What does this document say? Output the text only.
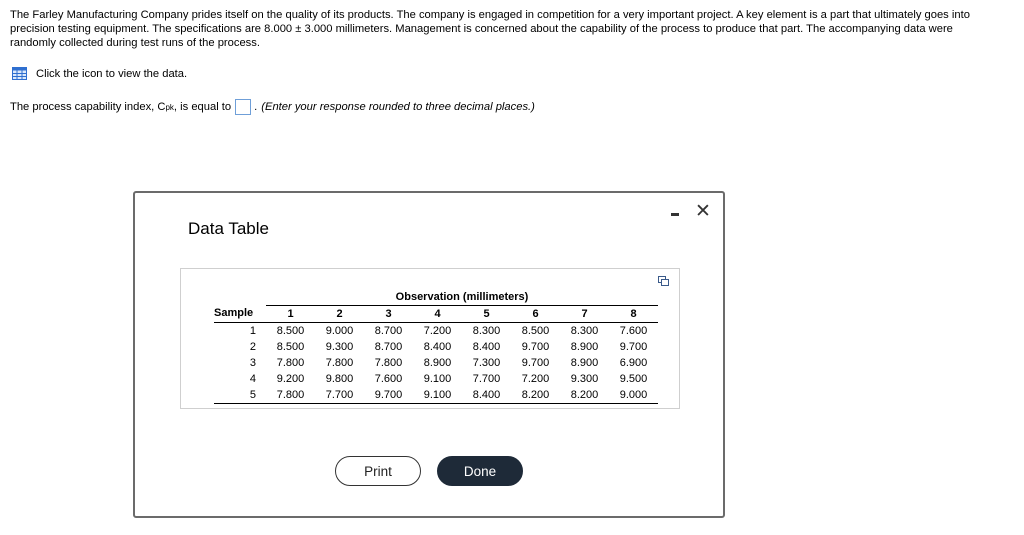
The Farley Manufacturing Company prides itself on the quality of its products. The company is engaged in competition for a very important project. A key element is a part that ultimately goes into
precision testing equipment. The specifications are 8.000 ± 3.000 millimeters. Management is concerned about the capability of the process to produce that part. The accompanying data were
randomly collected during test runs of the process.
Click the icon to view the data.
The process capability index, C pk , is equal to . (Enter your response rounded to three decimal places.)
Data Table
✕
	Observation (millimeters)							
Sample	1	2	3	4	5	6	7	8
1	8.500	9.000	8.700	7.200	8.300	8.500	8.300	7.600
2	8.500	9.300	8.700	8.400	8.400	9.700	8.900	9.700
3	7.800	7.800	7.800	8.900	7.300	9.700	8.900	6.900
4	9.200	9.800	7.600	9.100	7.700	7.200	9.300	9.500
5	7.800	7.700	9.700	9.100	8.400	8.200	8.200	9.000
Print	Done
